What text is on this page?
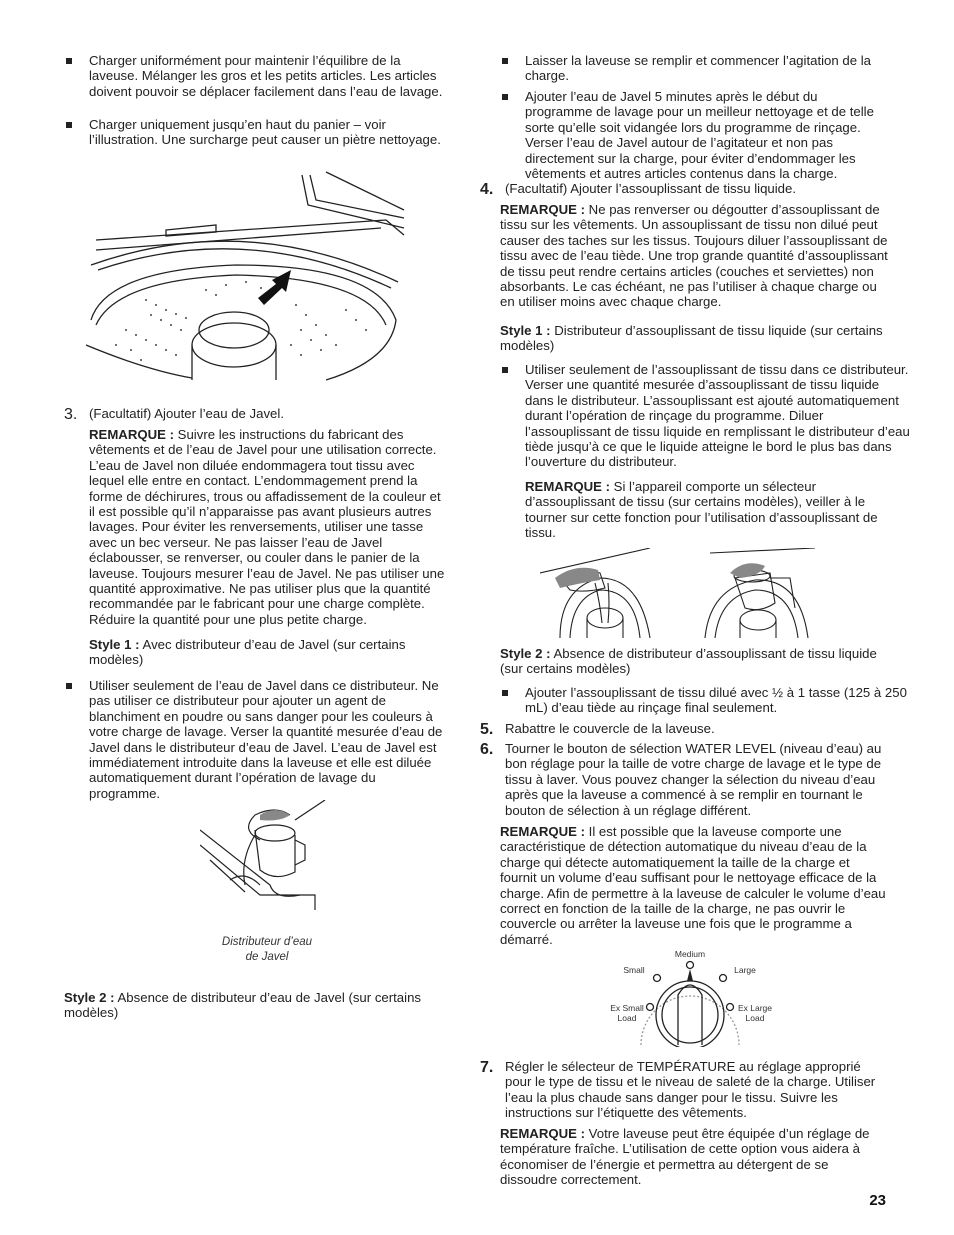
Charger uniformément pour maintenir l’équilibre de la laveuse. Mélanger les gros et les petits articles. Les articles doivent pouvoir se déplacer facilement dans l’eau de lavage.

Charger uniquement jusqu’en haut du panier – voir l’illustration. Une surcharge peut causer un piètre nettoyage.

3. (Facultatif) Ajouter l’eau de Javel.

REMARQUE : Suivre les instructions du fabricant des vêtements et de l’eau de Javel pour une utilisation correcte. L’eau de Javel non diluée endommagera tout tissu avec lequel elle entre en contact. L’endommagement prend la forme de déchirures, trous ou affadissement de la couleur et il est possible qu’il n’apparaisse pas avant plusieurs autres lavages. Pour éviter les renversements, utiliser une tasse avec un bec verseur. Ne pas laisser l’eau de Javel éclabousser, se renverser, ou couler dans le panier de la laveuse. Toujours mesurer l’eau de Javel. Ne pas utiliser une quantité approximative. Ne pas utiliser plus que la quantité recommandée par le fabricant pour une charge complète. Réduire la quantité pour une plus petite charge.

Style 1 : Avec distributeur d’eau de Javel (sur certains modèles)

Utiliser seulement de l’eau de Javel dans ce distributeur. Ne pas utiliser ce distributeur pour ajouter un agent de blanchiment en poudre ou sans danger pour les couleurs à votre charge de lavage. Verser la quantité mesurée d’eau de Javel dans le distributeur d’eau de Javel. L’eau de Javel est immédiatement introduite dans la laveuse et elle est diluée automatiquement durant l’opération de lavage du programme.

Distributeur d’eau
de Javel

Style 2 : Absence de distributeur d’eau de Javel (sur certains modèles)

Laisser la laveuse se remplir et commencer l’agitation de la charge.

Ajouter l’eau de Javel 5 minutes après le début du programme de lavage pour un meilleur nettoyage et de telle sorte qu’elle soit vidangée lors du programme de rinçage. Verser l’eau de Javel autour de l’agitateur et non pas directement sur la charge, pour éviter d’endommager les vêtements et autres articles contenus dans la charge.

4. (Facultatif) Ajouter l’assouplissant de tissu liquide.

REMARQUE : Ne pas renverser ou dégoutter d’assouplissant de tissu sur les vêtements. Un assouplissant de tissu non dilué peut causer des taches sur les tissus. Toujours diluer l’assouplissant de tissu avec de l’eau tiède. Une trop grande quantité d’assouplissant de tissu peut rendre certains articles (couches et serviettes) non absorbants. Le cas échéant, ne pas l’utiliser à chaque charge ou en utiliser moins avec chaque charge.

Style 1 : Distributeur d’assouplissant de tissu liquide (sur certains modèles)

Utiliser seulement de l’assouplissant de tissu dans ce distributeur. Verser une quantité mesurée d’assouplissant de tissu liquide dans le distributeur. L’assouplissant est ajouté automatiquement durant l’opération de rinçage du programme. Diluer l’assouplissant de tissu liquide en remplissant le distributeur d’eau tiède jusqu’à ce que le liquide atteigne le bord le plus bas dans l’ouverture du distributeur.

REMARQUE : Si l’appareil comporte un sélecteur d’assouplissant de tissu (sur certains modèles), veiller à le tourner sur cette fonction pour l’utilisation d’assouplissant de tissu.

Style 2 : Absence de distributeur d’assouplissant de tissu liquide (sur certains modèles)

Ajouter l’assouplissant de tissu dilué avec ½ à 1 tasse (125 à 250 mL) d’eau tiède au rinçage final seulement.

5. Rabattre le couvercle de la laveuse.

6. Tourner le bouton de sélection WATER LEVEL (niveau d’eau) au bon réglage pour la taille de votre charge de lavage et le type de tissu à laver. Vous pouvez changer la sélection du niveau d’eau après que la laveuse a commencé à se remplir en tournant le bouton de sélection à un réglage différent.

REMARQUE : Il est possible que la laveuse comporte une caractéristique de détection automatique du niveau d’eau de la charge qui détecte automatiquement la taille de la charge et fournit un volume d’eau suffisant pour le nettoyage efficace de la charge. Afin de permettre à la laveuse de calculer le volume d’eau correct en fonction de la taille de la charge, ne pas ouvrir le couvercle ou arrêter la laveuse une fois que le programme a démarré.

Medium
Small	Large
Ex Small
Load
Ex Large
Load
7. Régler le sélecteur de TEMPÉRATURE au réglage approprié pour le type de tissu et le niveau de saleté de la charge. Utiliser l’eau la plus chaude sans danger pour le tissu. Suivre les instructions sur l’étiquette des vêtements.

REMARQUE : Votre laveuse peut être équipée d’un réglage de température fraîche. L’utilisation de cette option vous aidera à économiser de l’énergie et permettra au détergent de se dissoudre correctement.

23
